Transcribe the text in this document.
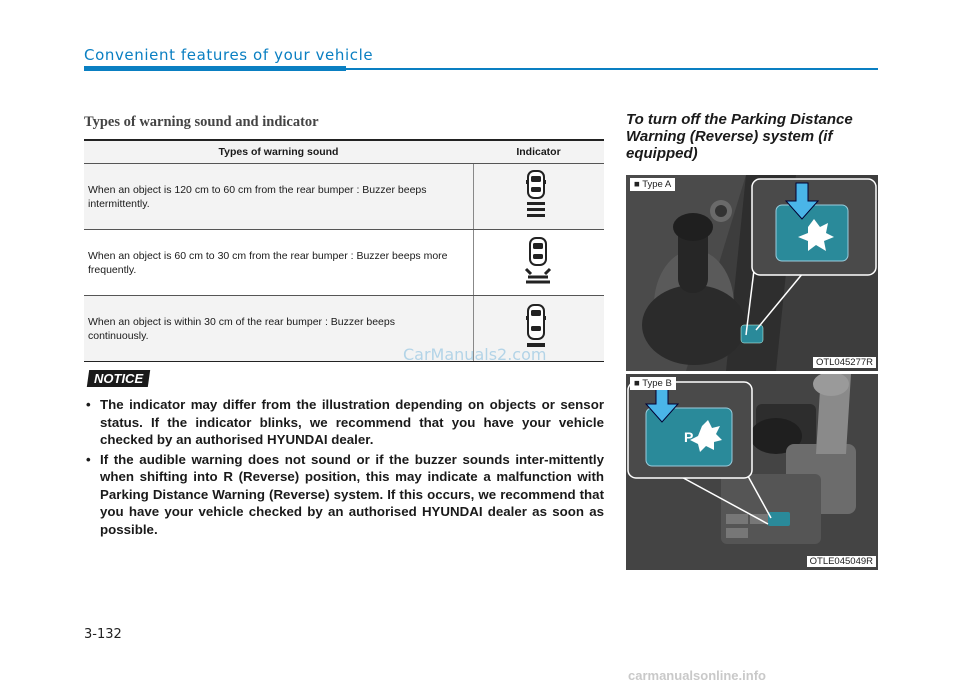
Convenient features of your vehicle
Types of warning sound and indicator
Types of warning sound	Indicator
When an object is 120 cm to 60 cm from the rear bumper : Buzzer beeps intermittently.	
When an object is 60 cm to 30 cm from the rear bumper : Buzzer beeps more frequently.	
When an object is within 30 cm of the rear bumper : Buzzer beeps continuously.	
NOTICE
• The indicator may differ from the illustration depending on objects or sensor status. If the indicator blinks, we recommend that you have your vehicle checked by an authorised HYUNDAI dealer.
• If the audible warning does not sound or if the buzzer sounds inter-mittently when shifting into R (Reverse) position, this may indicate a malfunction with Parking Distance Warning (Reverse) system. If this occurs, we recommend that you have your vehicle checked by an authorised HYUNDAI dealer as soon as possible.
To turn off the Parking Distance Warning (Reverse) system (if equipped)
■ Type A
OTL045277R
P
■ Type B
OTLE045049R
CarManuals2.com
3-132
carmanualsonline.info
